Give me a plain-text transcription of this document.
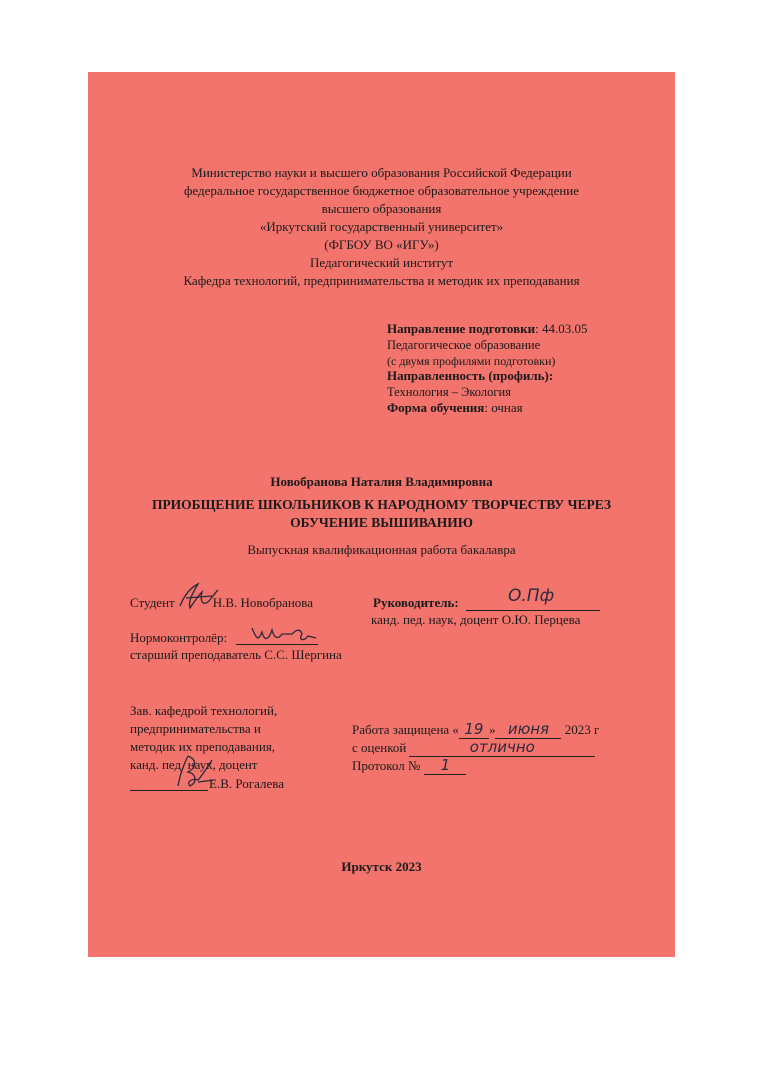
Министерство науки и высшего образования Российской Федерации
федеральное государственное бюджетное образовательное учреждение
высшего образования
«Иркутский государственный университет»
(ФГБОУ ВО «ИГУ»)
Педагогический институт
Кафедра технологий, предпринимательства и методик их преподавания
Направление подготовки: 44.03.05
Педагогическое образование
(с двумя профилями подготовки)
Направленность (профиль):
Технология – Экология
Форма обучения: очная
Новобранова Наталия Владимировна
ПРИОБЩЕНИЕ ШКОЛЬНИКОВ К НАРОДНОМУ ТВОРЧЕСТВУ ЧЕРЕЗ
ОБУЧЕНИЕ ВЫШИВАНИЮ
Выпускная квалификационная работа бакалавра
Студент	Н.В. Новобранова	Руководитель:	О.Пф
канд. пед. наук, доцент О.Ю. Перцева
Нормоконтролёр:
старший преподаватель С.С. Шергина
Зав. кафедрой технологий,
предпринимательства и
методик их преподавания,
канд. пед. наук, доцент
Е.В. Рогалева
Работа защищена « 19 » июня 2023 г
с оценкой	отлично
Протокол № 1
Иркутск 2023
